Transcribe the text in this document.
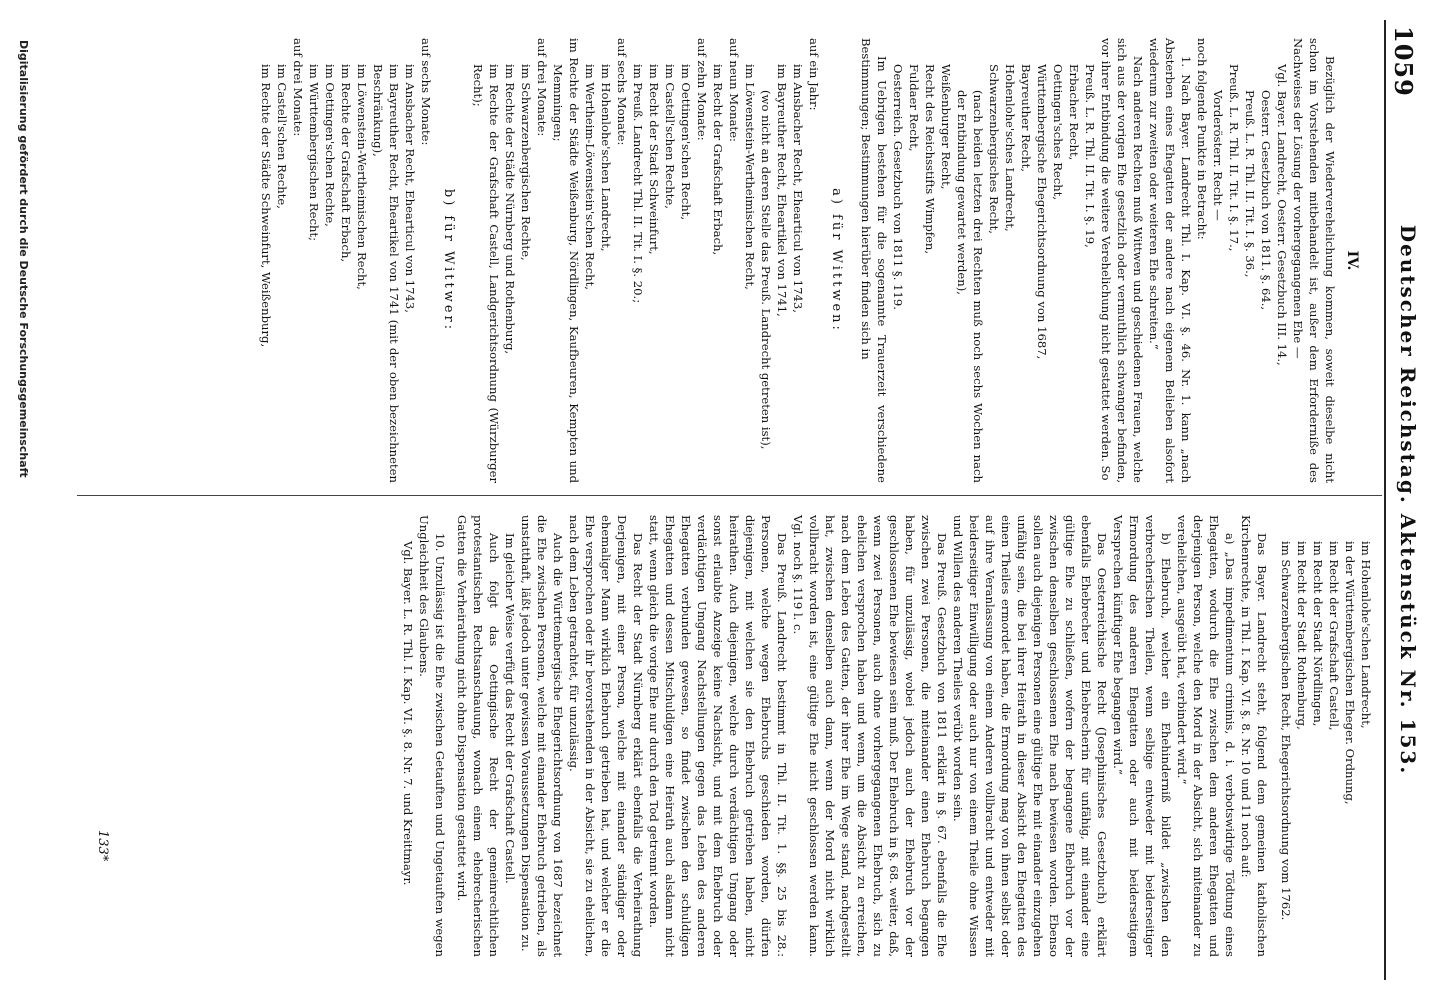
1059
Deutscher Reichstag. Aktenstück Nr. 153.

IV.

Bezüglich der Wiederverehelichung kommen, soweit dieselbe nicht schon im Vorstehenden mitbehandelt ist, außer dem Erforderniße des Nachweises der Lösung der vorhergegangenen Ehe —

Vgl. Bayer. Landrecht, Oesterr. Gesetzbuch III. 14.,

Oesterr. Gesetzbuch von 1811. §. 64.,

Preuß. L. R. Thl. II. Tit. I. §. 36.,

Preuß. L. R. Thl. II. Tit. I. §. 17.,

Vorderösterr. Recht —

noch folgende Punkte in Betracht:

1. Nach Bayer. Landrecht Thl. I. Kap. VI. §. 46. Nr. 1. kann „nach Absterben eines Ehegatten der andere nach eigenem Belieben alsofort wiederum zur zweiten oder weiteren Ehe schreiten.“

Nach anderen Rechten muß Wittwen und geschiedenen Frauen, welche sich aus der vorigen Ehe gesetzlich oder vermuthlich schwanger befinden, vor ihrer Entbindung die weitere Verehelichung nicht gestattet werden. So

Preuß. L. R. Thl. II. Tit. I. §. 19,

Erbacher Recht,

Oettingen'sches Recht,

Württembergische Ehegerichtsordnung von 1687,

Bayreuther Recht,

Hohenlohe'sches Landrecht,

Schwarzenbergisches Recht,

(nach beiden letzten drei Rechten muß noch sechs Wochen nach der Entbindung gewartet werden),

Weißenburger Recht,

Recht des Reichsstifts Wimpfen,

Fuldaer Recht,

Oesterreich. Gesetzbuch von 1811 §. 119.

Im Uebrigen bestehen für die sogenannte Trauerzeit verschiedene Bestimmungen; Bestimmungen hierüber finden sich in

a) für Wittwen:

auf ein Jahr:

im Ansbacher Recht, Ehearticul von 1743,

im Bayreuther Recht, Eheartikel von 1741,

(wo nicht an deren Stelle das Preuß. Landrecht getreten ist),

im Löwenstein-Wertheimischen Recht,

auf neun Monate:

im Recht der Grafschaft Erbach,

auf zehn Monate:

im Oettingen'schen Recht,

im Castell'schen Rechte,

im Recht der Stadt Schweinfurt,

im Preuß. Landrecht Thl. II. Tit. I. §. 20.;

auf sechs Monate:

im Hohenlohe'schen Landrecht,

im Wertheim-Löwenstein'schen Recht,

im Rechte der Städte Weißenburg, Nördlingen, Kaufbeuren, Kempten und Memmingen;

auf drei Monate:

im Schwarzenbergischen Rechte,

im Rechte der Städte Nürnberg und Rothenburg,

im Rechte der Grafschaft Castell, Landgerichtsordnung (Würzburger Recht);

b) für Wittwer:

auf sechs Monate:

im Ansbacher Recht, Ehearticul von 1743,

im Bayreuther Recht, Eheartikel von 1741 (mit der oben bezeichneten Beschränkung),

im Löwenstein-Wertheimischen Recht,

im Rechte der Grafschaft Erbach,

im Oettingen'schen Rechte,

im Württembergischen Recht;

auf drei Monate:

im Castell'schen Rechte,

im Rechte der Städte Schweinfurt, Weißenburg,

im Hohenlohe'schen Landrecht,

in der Württembergischen Eheger. Ordnung,

im Recht der Grafschaft Castell,

im Recht der Stadt Nördlingen,

im Recht der Stadt Rothenburg,

im Schwarzenbergischen Recht, Ehegerichtsordnung vom 1762.

Das Bayer. Landrecht steht, folgend dem gemeinen katholischen Kirchenrechte, in Thl. I. Kap. VI. §. 8. Nr. 10 und 11 noch auf:

a) „Das impedimentum criminis, d. i. verbotswidrige Tödtung eines Ehegatten, wodurch die Ehe zwischen dem anderen Ehegatten und derjenigen Person, welche den Mord in der Absicht, sich miteinander zu verehelichen, ausgeübt hat, verbindert wird.“

b) Ehebruch, welcher ein Ehehinderniß bildet „zwischen den verbrecherischen Theilen, wenn selbige entweder mit beiderseitiger Ermordung des anderen Ehegatten oder auch mit beiderseitigem Versprechen künftiger Ehe begangen wird.“

Das Oesterreichische Recht (Josephinisches Gesetzbuch) erklärt ebenfalls Ehebrecher und Ehebrecherin für unfähig, mit einander eine gültige Ehe zu schließen, wofern der begangene Ehebruch vor der zwischen denselben geschlossenen Ehe nach bewiesen worden. Ebenso sollen auch diejenigen Personen eine gültige Ehe mit einander einzugehen unfähig sein, die bei ihrer Heirath in dieser Absicht den Ehegatten des einen Theiles ermordet haben, die Ermordung mag von ihnen selbst oder auf ihre Veranlassung von einem Anderen vollbracht und entweder mit beiderseitiger Einwilligung oder auch nur von einem Theile ohne Wissen und Willen des anderen Theiles verübt worden sein.

Das Preuß. Gesetzbuch von 1811 erklärt in §. 67. ebenfalls die Ehe zwischen zwei Personen, die miteinander einen Ehebruch begangen haben, für unzulässig, wobei jedoch auch der Ehebruch vor der geschlossenen Ehe bewiesen sein muß. Der Ehebruch in §. 68. weiter, daß, wenn zwei Personen, auch ohne vorhergegangenen Ehebruch, sich zu ehelichen versprochen haben und wenn, um die Absicht zu erreichen, nach dem Leben des Gatten, der ihrer Ehe im Wege stand, nachgestellt hat, zwischen denselben auch dann, wenn der Mord nicht wirklich vollbracht worden ist, eine gültige Ehe nicht geschlossen werden kann. Vgl. noch §. 119 l. c.

Das Preuß. Landrecht bestimmt in Thl. II. Tit. 1. §§. 25 bis 28.: Personen, welche wegen Ehebruchs geschieden worden, dürfen diejenigen, mit welchen sie den Ehebruch getrieben haben, nicht heirathen. Auch diejenigen, welche durch verdächtigen Umgang oder sonst erlaubte Anzeige keine Nachsicht, und mit dem Ehebruch oder verdächtigen Umgang Nachstellungen gegen das Leben des anderen Ehegatten verbunden gewesen, so findet zwischen den schuldigen Ehegatten und dessen Mitschuldigen eine Heirath auch alsdann nicht statt, wenn gleich die vorige Ehe nur durch den Tod getrennt worden.

Das Recht der Stadt Nürnberg erklärt ebenfalls die Verheirathung Derjenigen, mit einer Person, welche mit einander ständiger oder ehemaliger Mann wirklich Ehebruch getrieben hat, und welcher er die Ehe versprochen oder ihr bevorstehenden in der Absicht, sie zu ehelichen, nach dem Leben getrachtet, für unzulässig.

Auch die Württembergische Ehegerichtsordnung von 1687 bezeichnet die Ehe zwischen Personen, welche mit einander Ehebruch getrieben, als unstatthaft, läßt jedoch unter gewissen Voraussetzungen Dispensation zu.

Im gleicher Weise verfügt das Recht der Grafschaft Castell.

Auch folgt das Oettingische Recht der gemeinrechtlichen protestantischen Rechtsanschauung, wonach einem ehebrecherischen Gatten die Verheirathung nicht ohne Dispensation gestattet wird.

10. Unzulässig ist die Ehe zwischen Getauften und Ungetauften wegen Ungleichheit des Glaubens.

Vgl. Bayer. L. R. Thl. I. Kap. VI. §. 8. Nr. 7. und Kreittmayr.

133*
Digitalisierung gefördert durch die Deutsche Forschungsgemeinschaft
